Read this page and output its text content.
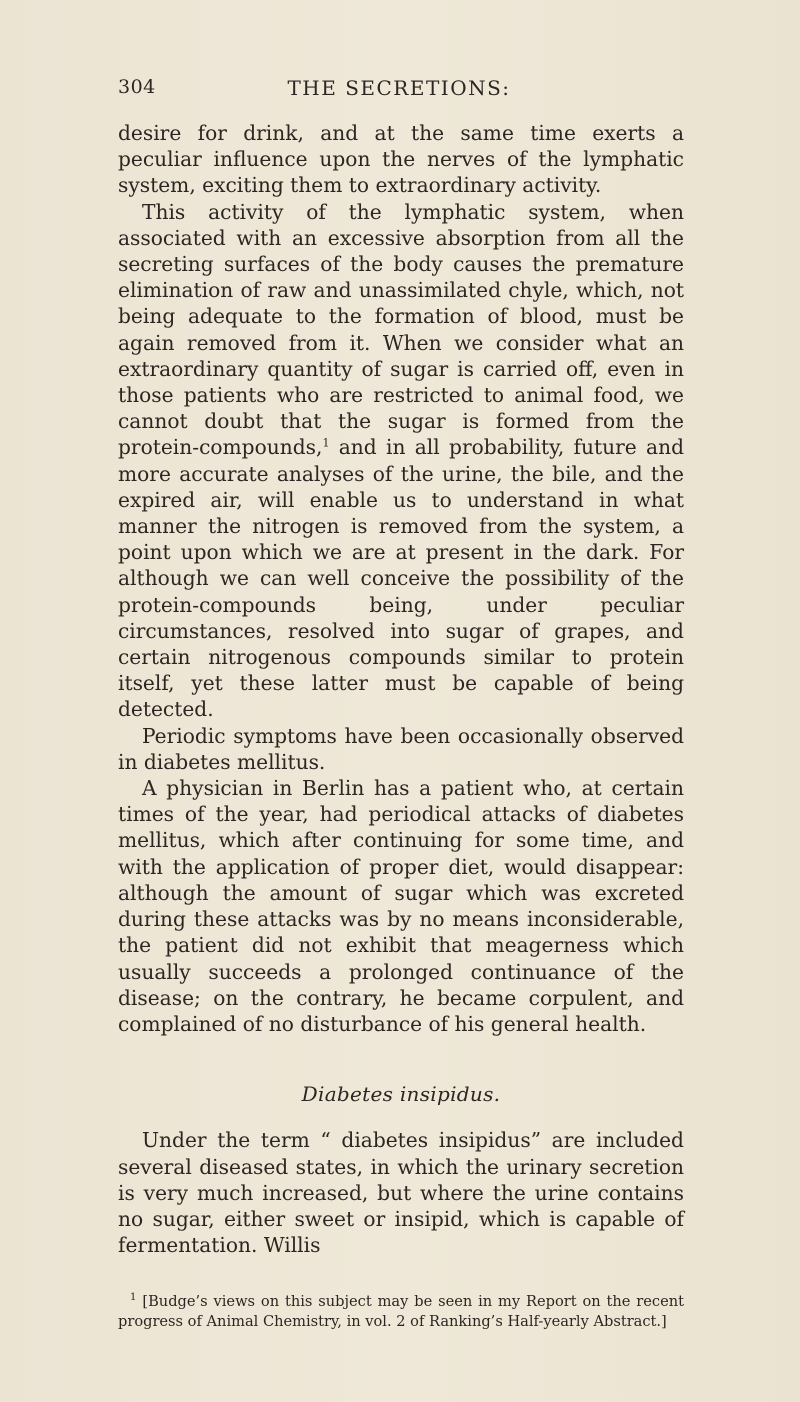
304	THE SECRETIONS:

desire for drink, and at the same time exerts a peculiar influence upon the nerves of the lymphatic system, exciting them to extraordinary activity.

This activity of the lymphatic system, when associated with an excessive absorption from all the secreting surfaces of the body causes the premature elimination of raw and unassimilated chyle, which, not being adequate to the formation of blood, must be again removed from it. When we consider what an extraordinary quantity of sugar is carried off, even in those patients who are restricted to animal food, we cannot doubt that the sugar is formed from the protein-compounds,$^1$ and in all probability, future and more accurate analyses of the urine, the bile, and the expired air, will enable us to understand in what manner the nitrogen is removed from the system, a point upon which we are at present in the dark. For although we can well conceive the possibility of the protein-compounds being, under peculiar circumstances, resolved into sugar of grapes, and certain nitrogenous compounds similar to protein itself, yet these latter must be capable of being detected.

Periodic symptoms have been occasionally observed in diabetes mellitus.

A physician in Berlin has a patient who, at certain times of the year, had periodical attacks of diabetes mellitus, which after continuing for some time, and with the application of proper diet, would disappear: although the amount of sugar which was excreted during these attacks was by no means inconsiderable, the patient did not exhibit that meagerness which usually succeeds a prolonged continuance of the disease; on the contrary, he became corpulent, and complained of no disturbance of his general health.

Diabetes insipidus.

Under the term “ diabetes insipidus” are included several diseased states, in which the urinary secretion is very much increased, but where the urine contains no sugar, either sweet or insipid, which is capable of fermentation. Willis

$^1$ [Budge’s views on this subject may be seen in my Report on the recent progress of Animal Chemistry, in vol. 2 of Ranking’s Half-yearly Abstract.]
